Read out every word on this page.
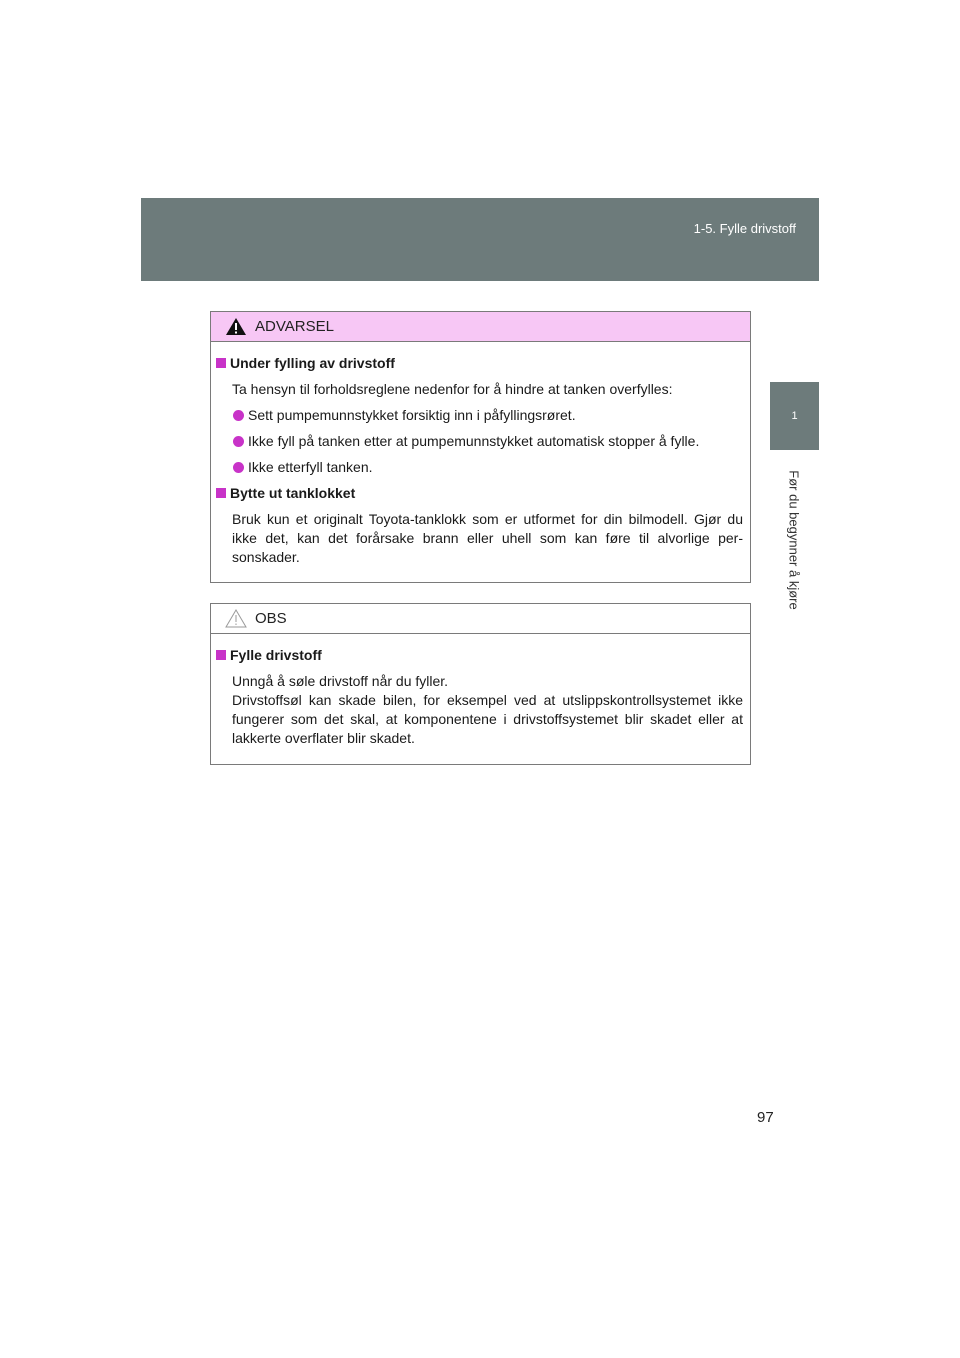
1-5. Fylle drivstoff
1
Før du begynner å kjøre
ADVARSEL
Under fylling av drivstoff
Ta hensyn til forholdsreglene nedenfor for å hindre at tanken overfylles:
Sett pumpemunnstykket forsiktig inn i påfyllingsrøret.
Ikke fyll på tanken etter at pumpemunnstykket automatisk stopper å fylle.
Ikke etterfyll tanken.
Bytte ut tanklokket
Bruk kun et originalt Toyota-tanklokk som er utformet for din bilmodell. Gjør du ikke det, kan det forårsake brann eller uhell som kan føre til alvorlige personskader.
OBS
Fylle drivstoff
Unngå å søle drivstoff når du fyller.
Drivstoffsøl kan skade bilen, for eksempel ved at utslippskontrollsystemet ikke fungerer som det skal, at komponentene i drivstoffsystemet blir skadet eller at lakkerte overflater blir skadet.
97
